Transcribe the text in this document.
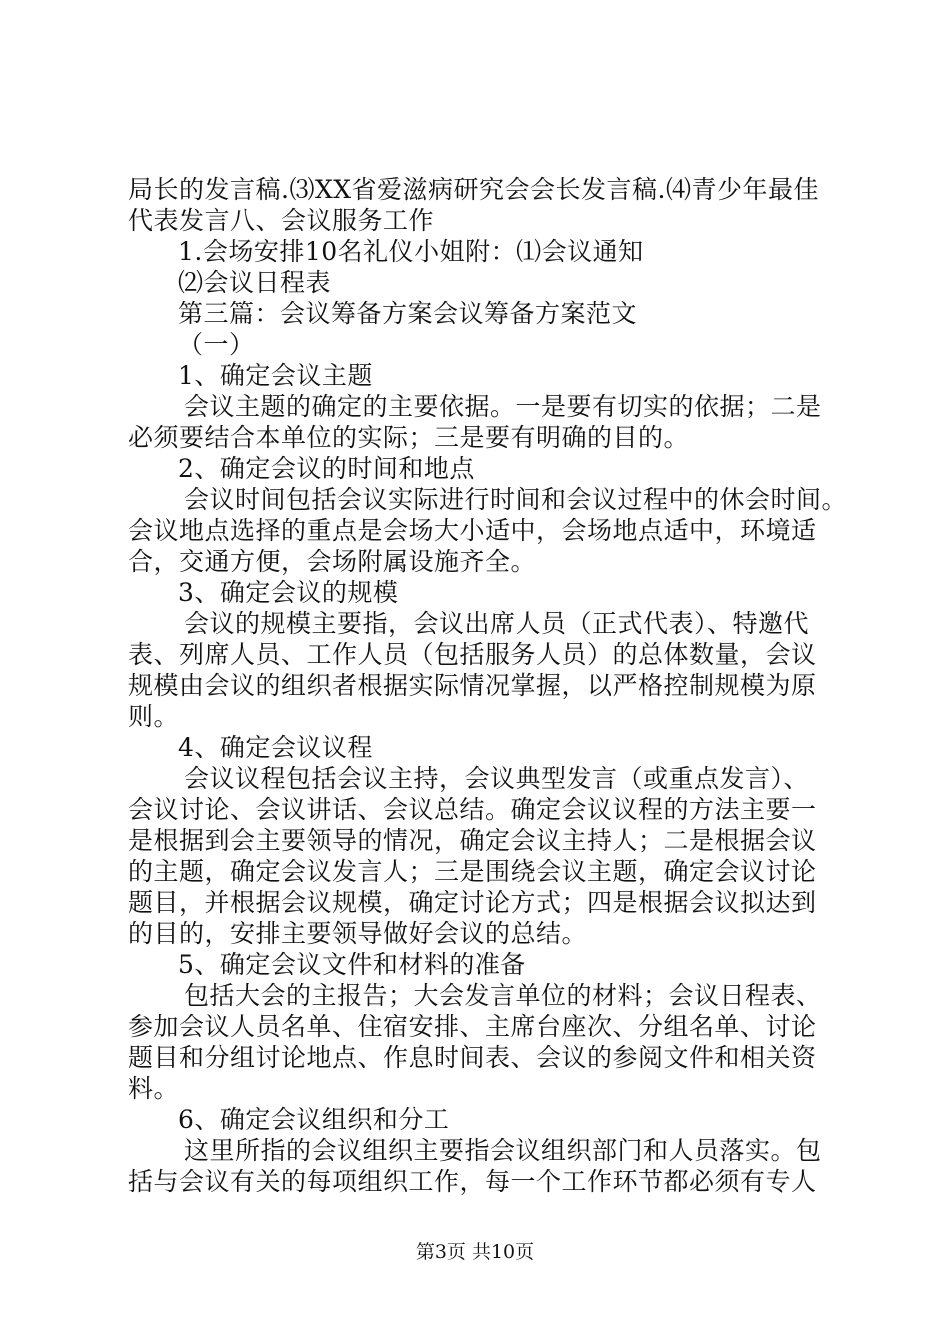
局长的发言稿.⑶XX省爱滋病研究会会长发言稿.⑷青少年最佳
代表发言八、会议服务工作
1.会场安排10名礼仪小姐附：⑴会议通知
⑵会议日程表
第三篇：会议筹备方案会议筹备方案范文
（一）
1、确定会议主题
会议主题的确定的主要依据。一是要有切实的依据；二是
必须要结合本单位的实际；三是要有明确的目的。
2、确定会议的时间和地点
会议时间包括会议实际进行时间和会议过程中的休会时间。
会议地点选择的重点是会场大小适中，会场地点适中，环境适
合，交通方便，会场附属设施齐全。
3、确定会议的规模
会议的规模主要指，会议出席人员（正式代表）、特邀代
表、列席人员、工作人员（包括服务人员）的总体数量，会议
规模由会议的组织者根据实际情况掌握，以严格控制规模为原
则。
4、确定会议议程
会议议程包括会议主持，会议典型发言（或重点发言）、
会议讨论、会议讲话、会议总结。确定会议议程的方法主要一
是根据到会主要领导的情况，确定会议主持人；二是根据会议
的主题，确定会议发言人；三是围绕会议主题，确定会议讨论
题目，并根据会议规模，确定讨论方式；四是根据会议拟达到
的目的，安排主要领导做好会议的总结。
5、确定会议文件和材料的准备
包括大会的主报告；大会发言单位的材料；会议日程表、
参加会议人员名单、住宿安排、主席台座次、分组名单、讨论
题目和分组讨论地点、作息时间表、会议的参阅文件和相关资
料。
6、确定会议组织和分工
这里所指的会议组织主要指会议组织部门和人员落实。包
括与会议有关的每项组织工作，每一个工作环节都必须有专人
第3页 共10页
